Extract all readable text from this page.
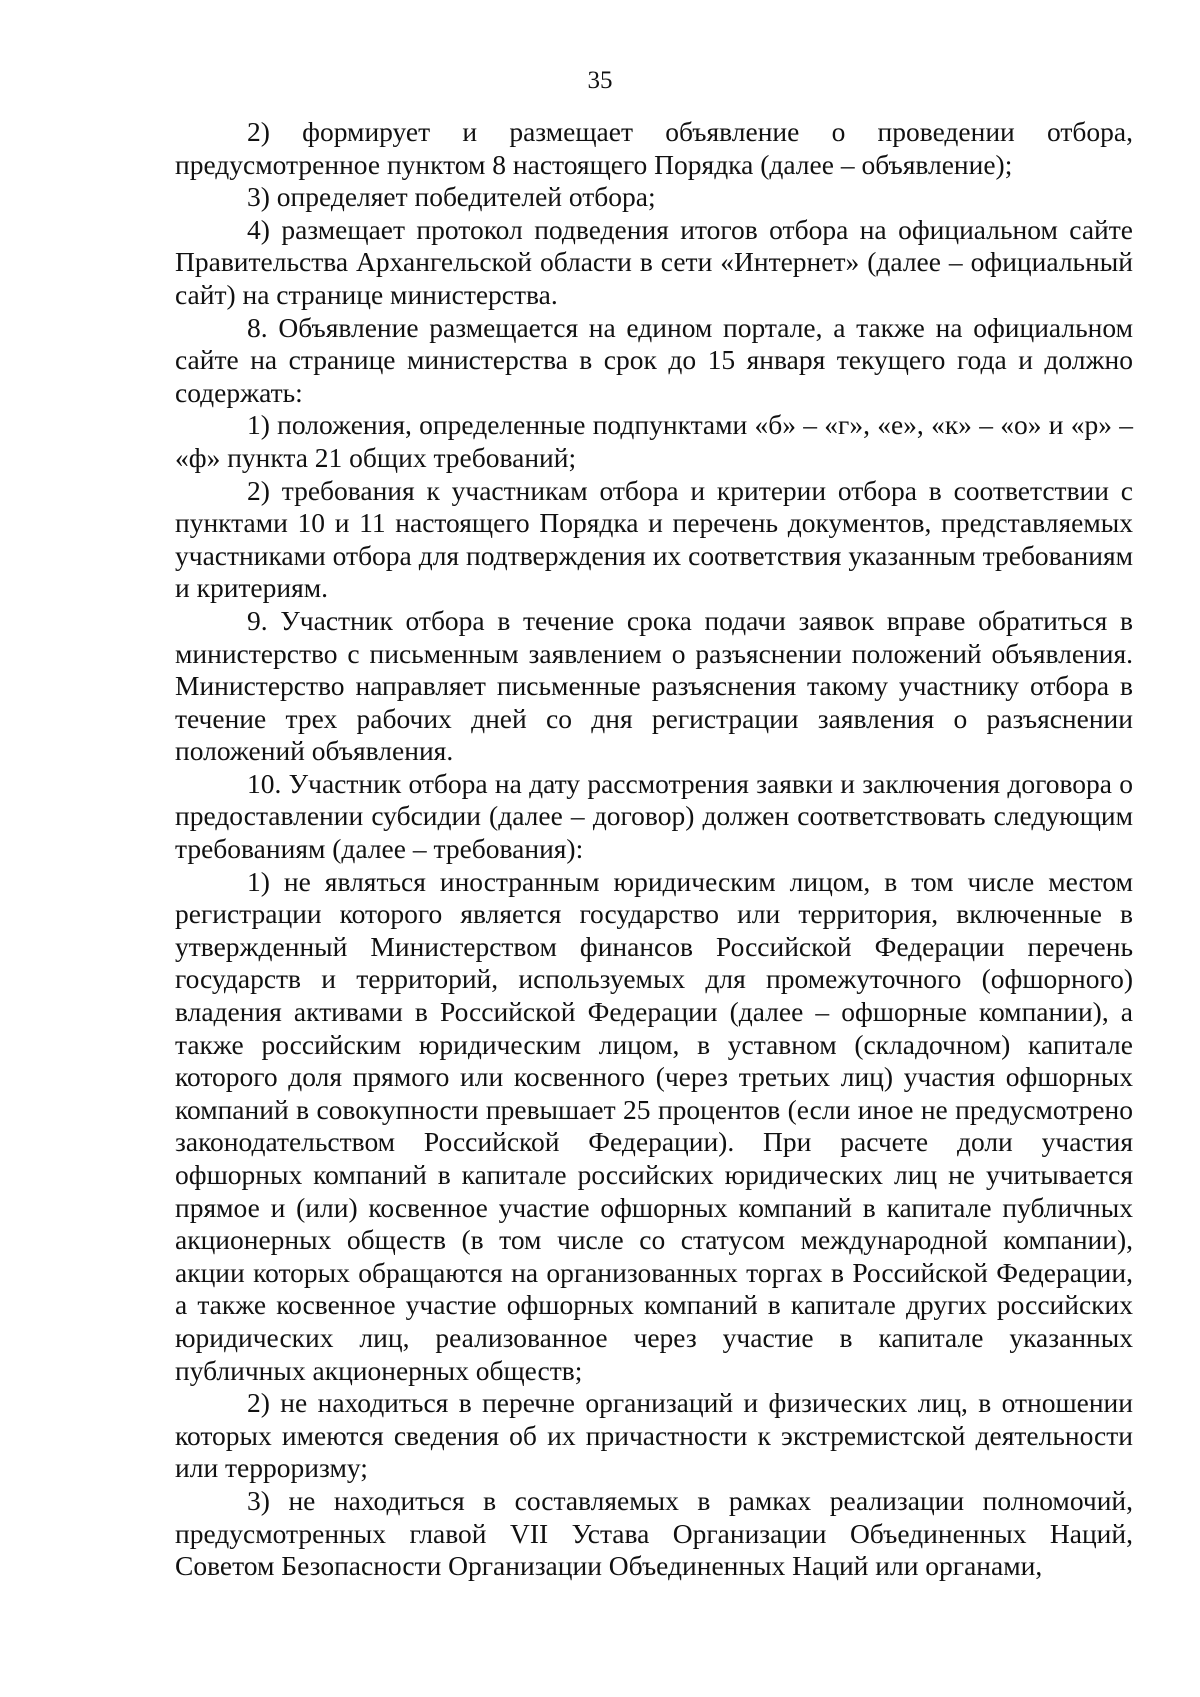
35

2) формирует и размещает объявление о проведении отбора, предусмотренное пунктом 8 настоящего Порядка (далее – объявление);

3) определяет победителей отбора;

4) размещает протокол подведения итогов отбора на официальном сайте Правительства Архангельской области в сети «Интернет» (далее – официальный сайт) на странице министерства.

8. Объявление размещается на едином портале, а также на официальном сайте на странице министерства в срок до 15 января текущего года и должно содержать:

1) положения, определенные подпунктами «б» – «г», «е», «к» – «о» и «р» – «ф» пункта 21 общих требований;

2) требования к участникам отбора и критерии отбора в соответствии с пунктами 10 и 11 настоящего Порядка и перечень документов, представляемых участниками отбора для подтверждения их соответствия указанным требованиям и критериям.

9. Участник отбора в течение срока подачи заявок вправе обратиться в министерство с письменным заявлением о разъяснении положений объявления. Министерство направляет письменные разъяснения такому участнику отбора в течение трех рабочих дней со дня регистрации заявления о разъяснении положений объявления.

10. Участник отбора на дату рассмотрения заявки и заключения договора о предоставлении субсидии (далее – договор) должен соответствовать следующим требованиям (далее – требования):

1) не являться иностранным юридическим лицом, в том числе местом регистрации которого является государство или территория, включенные в утвержденный Министерством финансов Российской Федерации перечень государств и территорий, используемых для промежуточного (офшорного) владения активами в Российской Федерации (далее – офшорные компании), а также российским юридическим лицом, в уставном (складочном) капитале которого доля прямого или косвенного (через третьих лиц) участия офшорных компаний в совокупности превышает 25 процентов (если иное не предусмотрено законодательством Российской Федерации). При расчете доли участия офшорных компаний в капитале российских юридических лиц не учитывается прямое и (или) косвенное участие офшорных компаний в капитале публичных акционерных обществ (в том числе со статусом международной компании), акции которых обращаются на организованных торгах в Российской Федерации, а также косвенное участие офшорных компаний в капитале других российских юридических лиц, реализованное через участие в капитале указанных публичных акционерных обществ;

2) не находиться в перечне организаций и физических лиц, в отношении которых имеются сведения об их причастности к экстремистской деятельности или терроризму;

3) не находиться в составляемых в рамках реализации полномочий, предусмотренных главой VII Устава Организации Объединенных Наций, Советом Безопасности Организации Объединенных Наций или органами,
